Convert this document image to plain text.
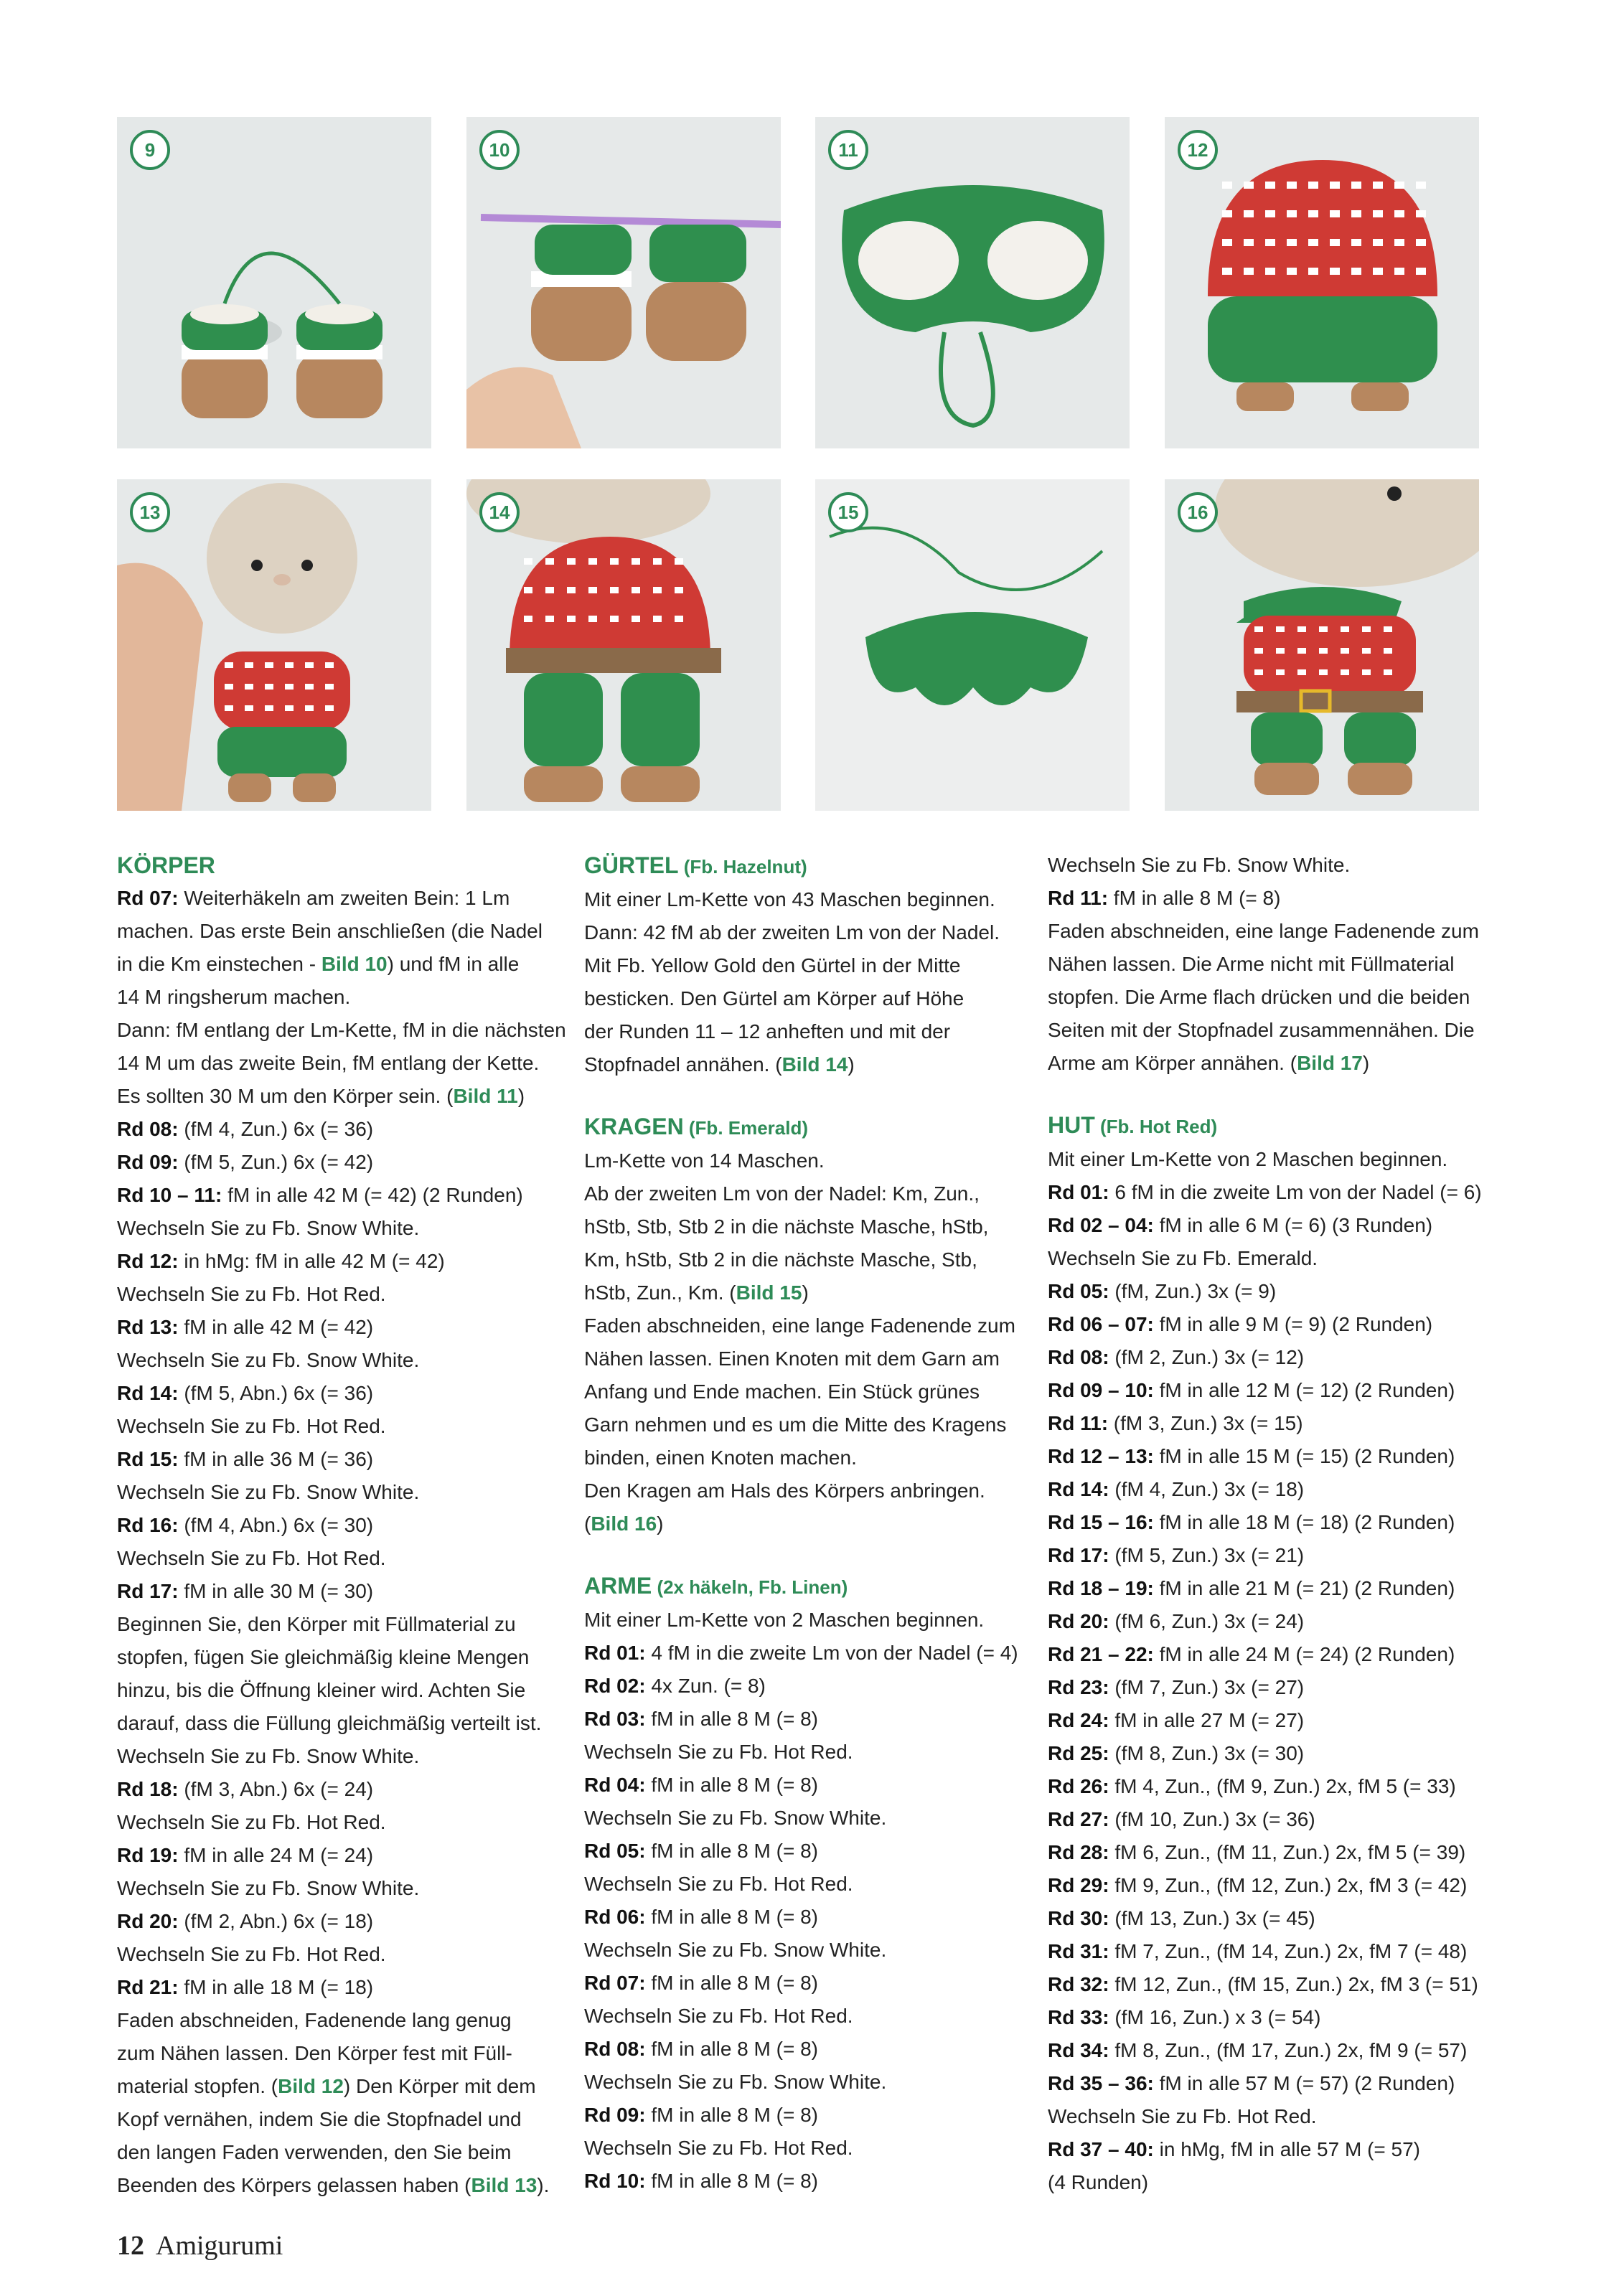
9	10	11	12
13	14	15	16

KÖRPER

Rd 07: Weiterhäkeln am zweiten Bein: 1 Lm

machen. Das erste Bein anschließen (die Nadel

in die Km einstechen - Bild 10) und fM in alle

14 M ringsherum machen.

Dann: fM entlang der Lm-Kette, fM in die nächsten

14 M um das zweite Bein, fM entlang der Kette.

Es sollten 30 M um den Körper sein. (Bild 11)

Rd 08: (fM 4, Zun.) 6x (= 36)

Rd 09: (fM 5, Zun.) 6x (= 42)

Rd 10 – 11: fM in alle 42 M (= 42) (2 Runden)

Wechseln Sie zu Fb. Snow White.

Rd 12: in hMg: fM in alle 42 M (= 42)

Wechseln Sie zu Fb. Hot Red.

Rd 13: fM in alle 42 M (= 42)

Wechseln Sie zu Fb. Snow White.

Rd 14: (fM 5, Abn.) 6x (= 36)

Wechseln Sie zu Fb. Hot Red.

Rd 15: fM in alle 36 M (= 36)

Wechseln Sie zu Fb. Snow White.

Rd 16: (fM 4, Abn.) 6x (= 30)

Wechseln Sie zu Fb. Hot Red.

Rd 17: fM in alle 30 M (= 30)

Beginnen Sie, den Körper mit Füllmaterial zu

stopfen, fügen Sie gleichmäßig kleine Mengen

hinzu, bis die Öffnung kleiner wird. Achten Sie

darauf, dass die Füllung gleichmäßig verteilt ist.

Wechseln Sie zu Fb. Snow White.

Rd 18: (fM 3, Abn.) 6x (= 24)

Wechseln Sie zu Fb. Hot Red.

Rd 19: fM in alle 24 M (= 24)

Wechseln Sie zu Fb. Snow White.

Rd 20: (fM 2, Abn.) 6x (= 18)

Wechseln Sie zu Fb. Hot Red.

Rd 21: fM in alle 18 M (= 18)

Faden abschneiden, Fadenende lang genug

zum Nähen lassen. Den Körper fest mit Füll-

material stopfen. (Bild 12) Den Körper mit dem

Kopf vernähen, indem Sie die Stopfnadel und

den langen Faden verwenden, den Sie beim

Beenden des Körpers gelassen haben (Bild 13).

GÜRTEL (Fb. Hazelnut)

Mit einer Lm-Kette von 43 Maschen beginnen.

Dann: 42 fM ab der zweiten Lm von der Nadel.

Mit Fb. Yellow Gold den Gürtel in der Mitte

besticken. Den Gürtel am Körper auf Höhe

der Runden 11 – 12 anheften und mit der

Stopfnadel annähen. (Bild 14)

KRAGEN (Fb. Emerald)

Lm-Kette von 14 Maschen.

Ab der zweiten Lm von der Nadel: Km, Zun.,

hStb, Stb, Stb 2 in die nächste Masche, hStb,

Km, hStb, Stb 2 in die nächste Masche, Stb,

hStb, Zun., Km. (Bild 15)

Faden abschneiden, eine lange Fadenende zum

Nähen lassen. Einen Knoten mit dem Garn am

Anfang und Ende machen. Ein Stück grünes

Garn nehmen und es um die Mitte des Kragens

binden, einen Knoten machen.

Den Kragen am Hals des Körpers anbringen.

(Bild 16)

ARME (2x häkeln, Fb. Linen)

Mit einer Lm-Kette von 2 Maschen beginnen.

Rd 01: 4 fM in die zweite Lm von der Nadel (= 4)

Rd 02: 4x Zun. (= 8)

Rd 03: fM in alle 8 M (= 8)

Wechseln Sie zu Fb. Hot Red.

Rd 04: fM in alle 8 M (= 8)

Wechseln Sie zu Fb. Snow White.

Rd 05: fM in alle 8 M (= 8)

Wechseln Sie zu Fb. Hot Red.

Rd 06: fM in alle 8 M (= 8)

Wechseln Sie zu Fb. Snow White.

Rd 07: fM in alle 8 M (= 8)

Wechseln Sie zu Fb. Hot Red.

Rd 08: fM in alle 8 M (= 8)

Wechseln Sie zu Fb. Snow White.

Rd 09: fM in alle 8 M (= 8)

Wechseln Sie zu Fb. Hot Red.

Rd 10: fM in alle 8 M (= 8)

Wechseln Sie zu Fb. Snow White.

Rd 11: fM in alle 8 M (= 8)

Faden abschneiden, eine lange Fadenende zum

Nähen lassen. Die Arme nicht mit Füllmaterial

stopfen. Die Arme flach drücken und die beiden

Seiten mit der Stopfnadel zusammennähen. Die

Arme am Körper annähen. (Bild 17)

HUT (Fb. Hot Red)

Mit einer Lm-Kette von 2 Maschen beginnen.

Rd 01: 6 fM in die zweite Lm von der Nadel (= 6)

Rd 02 – 04: fM in alle 6 M (= 6) (3 Runden)

Wechseln Sie zu Fb. Emerald.

Rd 05: (fM, Zun.) 3x (= 9)

Rd 06 – 07: fM in alle 9 M (= 9) (2 Runden)

Rd 08: (fM 2, Zun.) 3x (= 12)

Rd 09 – 10: fM in alle 12 M (= 12) (2 Runden)

Rd 11: (fM 3, Zun.) 3x (= 15)

Rd 12 – 13: fM in alle 15 M (= 15) (2 Runden)

Rd 14: (fM 4, Zun.) 3x (= 18)

Rd 15 – 16: fM in alle 18 M (= 18) (2 Runden)

Rd 17: (fM 5, Zun.) 3x (= 21)

Rd 18 – 19: fM in alle 21 M (= 21) (2 Runden)

Rd 20: (fM 6, Zun.) 3x (= 24)

Rd 21 – 22: fM in alle 24 M (= 24) (2 Runden)

Rd 23: (fM 7, Zun.) 3x (= 27)

Rd 24: fM in alle 27 M (= 27)

Rd 25: (fM 8, Zun.) 3x (= 30)

Rd 26: fM 4, Zun., (fM 9, Zun.) 2x, fM 5 (= 33)

Rd 27: (fM 10, Zun.) 3x (= 36)

Rd 28: fM 6, Zun., (fM 11, Zun.) 2x, fM 5 (= 39)

Rd 29: fM 9, Zun., (fM 12, Zun.) 2x, fM 3 (= 42)

Rd 30: (fM 13, Zun.) 3x (= 45)

Rd 31: fM 7, Zun., (fM 14, Zun.) 2x, fM 7 (= 48)

Rd 32: fM 12, Zun., (fM 15, Zun.) 2x, fM 3 (= 51)

Rd 33: (fM 16, Zun.) x 3 (= 54)

Rd 34: fM 8, Zun., (fM 17, Zun.) 2x, fM 9 (= 57)

Rd 35 – 36: fM in alle 57 M (= 57) (2 Runden)

Wechseln Sie zu Fb. Hot Red.

Rd 37 – 40: in hMg, fM in alle 57 M (= 57)

(4 Runden)

12 Amigurumi
